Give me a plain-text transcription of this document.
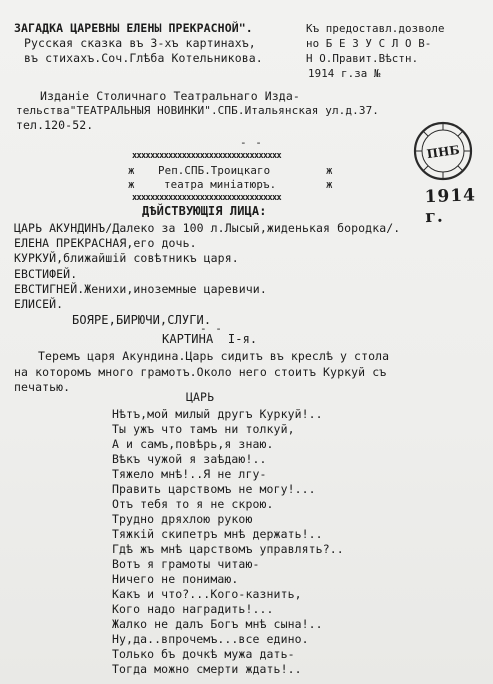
ЗАГАДКА ЦАРЕВНЫ ЕЛЕНЫ ПРЕКРАСНОЙ".
Русская сказка въ 3-хъ картинахъ,
въ стихахъ.Соч.Глѣба Котельникова.
Къ предоставл.дозволе
но Б Е З У С Л О В-
Н О.Правит.Вѣстн.
1914 г.за №
Изданіе Столичнаго Театральнаго Изда-
тельства"ТЕАТРАЛЬНЫЯ НОВИНКИ".СПБ.Итальянская ул.д.37.
тел.120-52.
- -
xxxxxxxxxxxxxxxxxxxxxxxxxxxxxxxxx
ж Реп.СПБ.Троицкаго	ж
ж	театра миніатюръ.	ж
xxxxxxxxxxxxxxxxxxxxxxxxxxxxxxxxx
ПНБ
1914 г.
ДѢЙСТВУЮЩІЯ ЛИЦА:
ЦАРЬ АКУНДИНЪ/Далеко за 100 л.Лысый,жиденькая бородка/.
ЕЛЕНА ПРЕКРАСНАЯ,его дочь.
КУРКУЙ,ближайшій совѣтникъ царя.
ЕВСТИФЕЙ.
ЕВСТИГНЕЙ.Женихи,иноземные царевичи.
ЕЛИСЕЙ.
БОЯРЕ,БИРЮЧИ,СЛУГИ.
- -
КАРТИНА  І-я.
Теремъ царя Акундина.Царь сидитъ въ креслѣ у стола
на которомъ много грамотъ.Около него стоитъ Куркуй съ
печатью.
ЦАРЬ
Нѣтъ,мой милый другъ Куркуй!..
Ты ужъ что тамъ ни толкуй,
А и самъ,повѣрь,я знаю.
Вѣкъ чужой я заѣдаю!..
Тяжело мнѣ!..Я не лгу-
Править царствомъ не могу!...
Отъ тебя то я не скрою.
Трудно дряхлою рукою
Тяжкій скипетръ мнѣ держать!..
Гдѣ жъ мнѣ царствомъ управлять?..
Вотъ я грамоты читаю-
Ничего не понимаю.
Какъ и что?...Кого-казнить,
Кого надо наградить!...
Жалко не далъ Богъ мнѣ сына!..
Ну,да..впрочемъ...все едино.
Только бъ дочкѣ мужа дать-
Тогда можно смерти ждать!..
